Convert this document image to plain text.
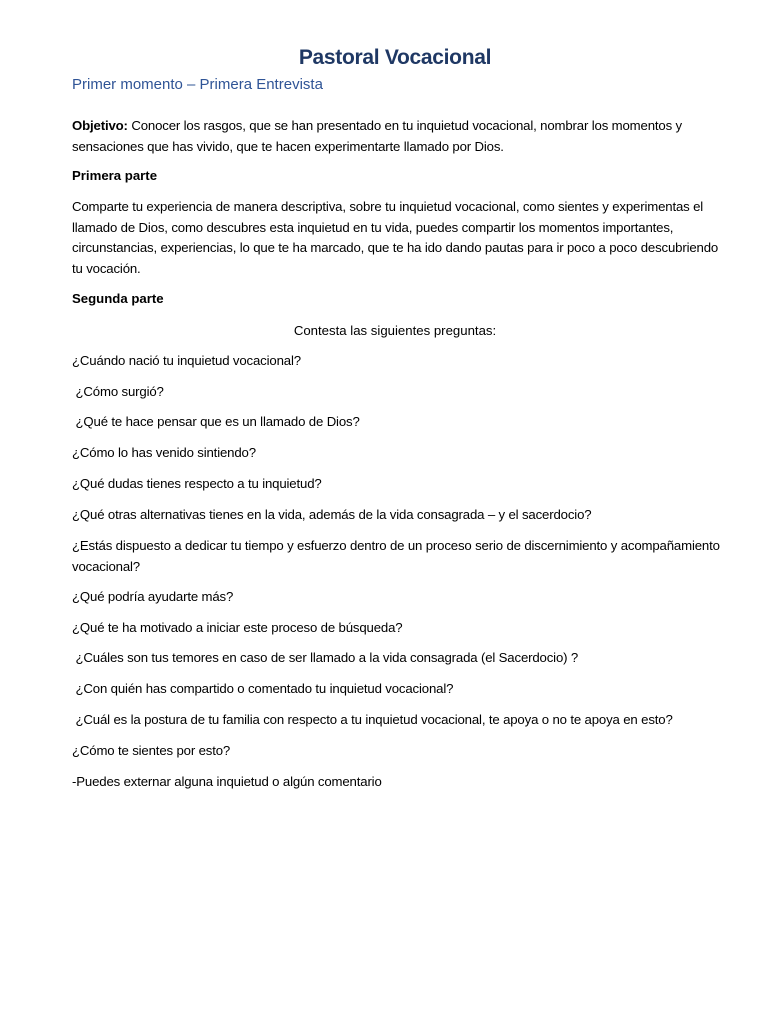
Pastoral Vocacional
Primer momento – Primera Entrevista
Objetivo: Conocer los rasgos, que se han presentado en tu inquietud vocacional, nombrar los momentos y sensaciones que has vivido, que te hacen experimentarte llamado por Dios.
Primera parte
Comparte tu experiencia de manera descriptiva, sobre tu inquietud vocacional, como sientes y experimentas el llamado de Dios, como descubres esta inquietud en tu vida, puedes compartir los momentos importantes, circunstancias, experiencias, lo que te ha marcado, que te ha ido dando pautas para ir poco a poco descubriendo tu vocación.
Segunda parte
Contesta las siguientes preguntas:
¿Cuándo nació tu inquietud vocacional?
¿Cómo surgió?
¿Qué te hace pensar que es un llamado de Dios?
¿Cómo lo has venido sintiendo?
¿Qué dudas tienes respecto a tu inquietud?
¿Qué otras alternativas tienes en la vida, además de la vida consagrada – y el sacerdocio?
¿Estás dispuesto a dedicar tu tiempo y esfuerzo dentro de un proceso serio de discernimiento y acompañamiento vocacional?
¿Qué podría ayudarte más?
¿Qué te ha motivado a iniciar este proceso de búsqueda?
¿Cuáles son tus temores en caso de ser llamado a la vida consagrada (el Sacerdocio) ?
¿Con quién has compartido o comentado tu inquietud vocacional?
¿Cuál es la postura de tu familia con respecto a tu inquietud vocacional, te apoya o no te apoya en esto?
¿Cómo te sientes por esto?
-Puedes externar alguna inquietud o algún comentario
